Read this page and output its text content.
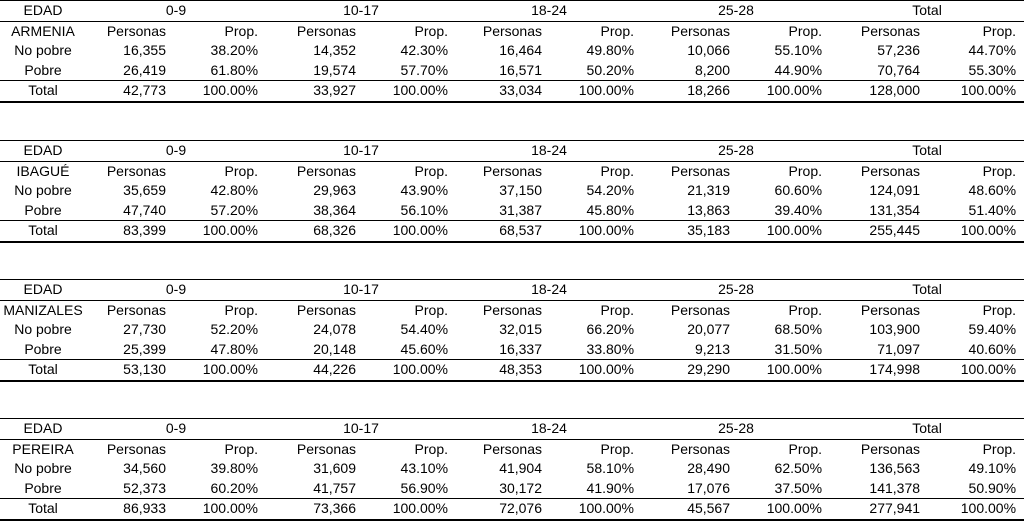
EDAD	0-9		10-17		18-24		25-28		Total	
ARMENIA	Personas	Prop.	Personas	Prop.	Personas	Prop.	Personas	Prop.	Personas	Prop.
No pobre	16,355	38.20%	14,352	42.30%	16,464	49.80%	10,066	55.10%	57,236	44.70%
Pobre	26,419	61.80%	19,574	57.70%	16,571	50.20%	8,200	44.90%	70,764	55.30%
Total	42,773	100.00%	33,927	100.00%	33,034	100.00%	18,266	100.00%	128,000	100.00%
EDAD	0-9		10-17		18-24		25-28		Total	
IBAGUÉ	Personas	Prop.	Personas	Prop.	Personas	Prop.	Personas	Prop.	Personas	Prop.
No pobre	35,659	42.80%	29,963	43.90%	37,150	54.20%	21,319	60.60%	124,091	48.60%
Pobre	47,740	57.20%	38,364	56.10%	31,387	45.80%	13,863	39.40%	131,354	51.40%
Total	83,399	100.00%	68,326	100.00%	68,537	100.00%	35,183	100.00%	255,445	100.00%
EDAD	0-9		10-17		18-24		25-28		Total	
MANIZALES	Personas	Prop.	Personas	Prop.	Personas	Prop.	Personas	Prop.	Personas	Prop.
No pobre	27,730	52.20%	24,078	54.40%	32,015	66.20%	20,077	68.50%	103,900	59.40%
Pobre	25,399	47.80%	20,148	45.60%	16,337	33.80%	9,213	31.50%	71,097	40.60%
Total	53,130	100.00%	44,226	100.00%	48,353	100.00%	29,290	100.00%	174,998	100.00%
EDAD	0-9		10-17		18-24		25-28		Total	
PEREIRA	Personas	Prop.	Personas	Prop.	Personas	Prop.	Personas	Prop.	Personas	Prop.
No pobre	34,560	39.80%	31,609	43.10%	41,904	58.10%	28,490	62.50%	136,563	49.10%
Pobre	52,373	60.20%	41,757	56.90%	30,172	41.90%	17,076	37.50%	141,378	50.90%
Total	86,933	100.00%	73,366	100.00%	72,076	100.00%	45,567	100.00%	277,941	100.00%
